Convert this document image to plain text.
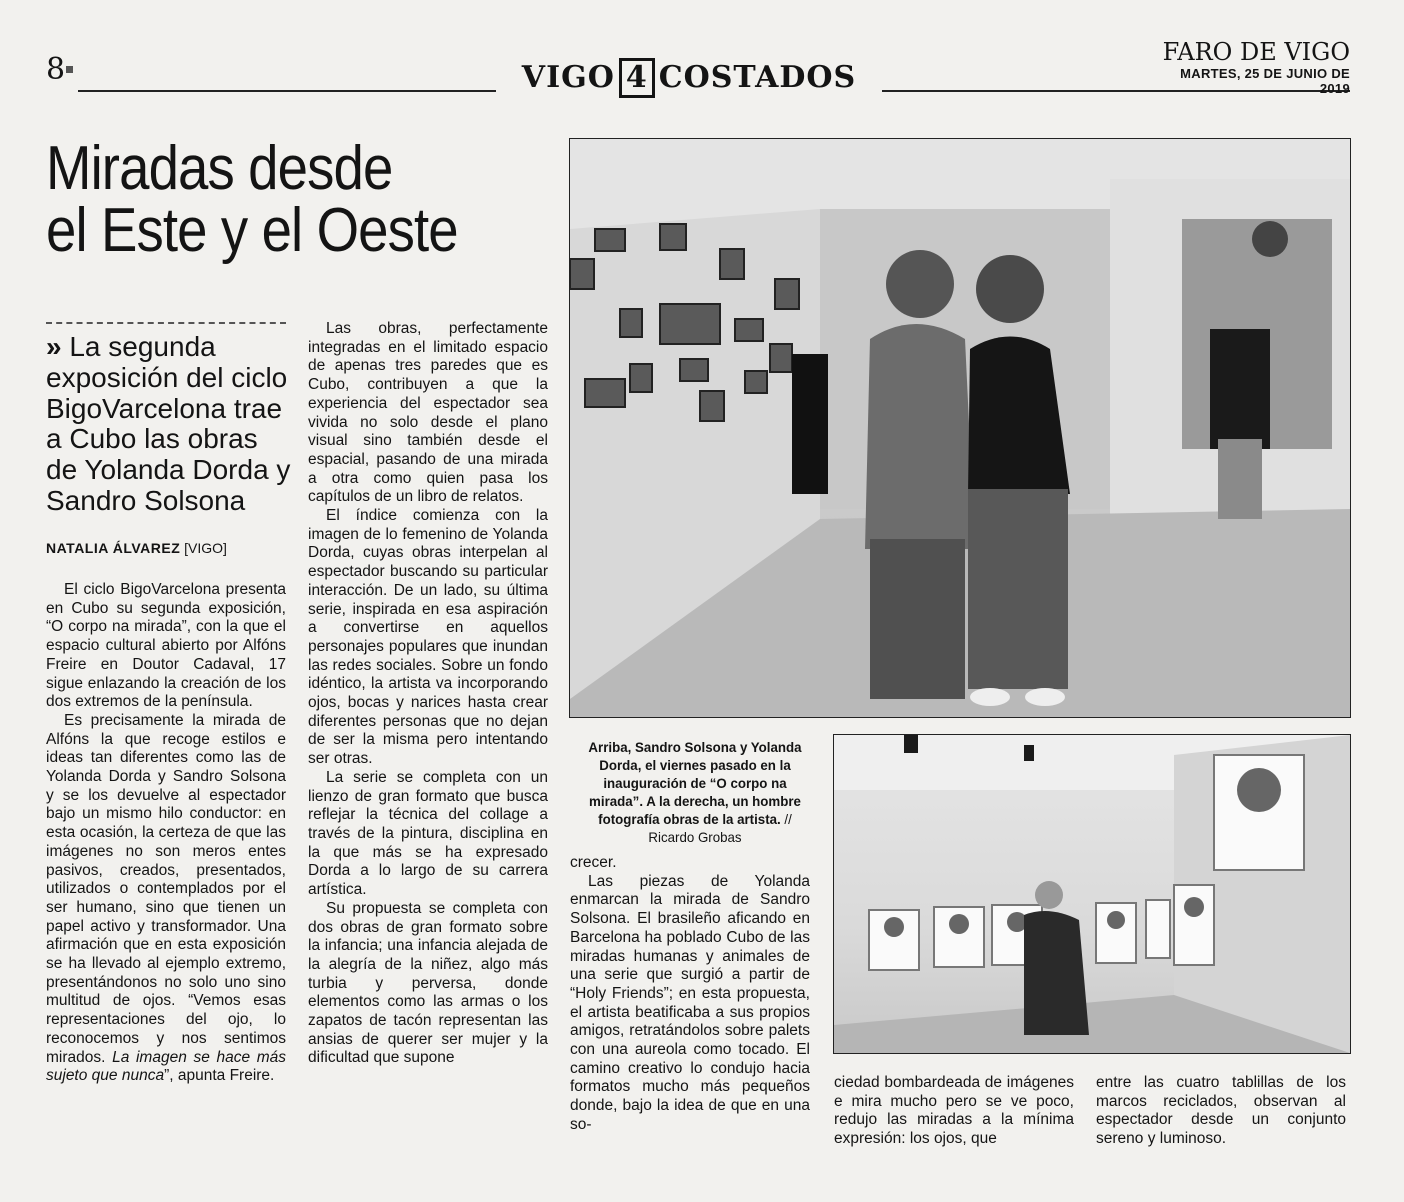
8	VIGO 4 COSTADOS
FARO DE VIGO
MARTES, 25 DE JUNIO DE 2019
Miradas desde
el Este y el Oeste
» La segunda exposición del ciclo BigoVarcelona trae a Cubo las obras de Yolanda Dorda y Sandro Solsona
NATALIA ÁLVAREZ [VIGO]

El ciclo BigoVarcelona presenta en Cubo su segunda exposición, “O corpo na mirada”, con la que el espacio cultural abierto por Alfóns Freire en Doutor Cadaval, 17 sigue enlazando la creación de los dos extremos de la península.

Es precisamente la mirada de Alfóns la que recoge estilos e ideas tan diferentes como las de Yolanda Dorda y Sandro Solsona y se los devuelve al espectador bajo un mismo hilo conductor: en esta ocasión, la certeza de que las imágenes no son meros entes pasivos, creados, presentados, utilizados o contemplados por el ser humano, sino que tienen un papel activo y transformador. Una afirmación que en esta exposición se ha llevado al ejemplo extremo, presentándonos no solo uno sino multitud de ojos. “Vemos esas representaciones del ojo, lo reconocemos y nos sentimos mirados. La imagen se hace más sujeto que nunca”, apunta Freire.

Las obras, perfectamente integradas en el limitado espacio de apenas tres paredes que es Cubo, contribuyen a que la experiencia del espectador sea vivida no solo desde el plano visual sino también desde el espacial, pasando de una mirada a otra como quien pasa los capítulos de un libro de relatos.

El índice comienza con la imagen de lo femenino de Yolanda Dorda, cuyas obras interpelan al espectador buscando su particular interacción. De un lado, su última serie, inspirada en esa aspiración a convertirse en aquellos personajes populares que inundan las redes sociales. Sobre un fondo idéntico, la artista va incorporando ojos, bocas y narices hasta crear diferentes personas que no dejan de ser la misma pero intentando ser otras.

La serie se completa con un lienzo de gran formato que busca reflejar la técnica del collage a través de la pintura, disciplina en la que más se ha expresado Dorda a lo largo de su carrera artística.

Su propuesta se completa con dos obras de gran formato sobre la infancia; una infancia alejada de la alegría de la niñez, algo más turbia y perversa, donde elementos como las armas o los zapatos de tacón representan las ansias de querer ser mujer y la dificultad que supone

Arriba, Sandro Solsona y Yolanda Dorda, el viernes pasado en la inauguración de “O corpo na mirada”. A la derecha, un hombre fotografía obras de la artista. // Ricardo Grobas

crecer.

Las piezas de Yolanda enmarcan la mirada de Sandro Solsona. El brasileño aficando en Barcelona ha poblado Cubo de las miradas humanas y animales de una serie que surgió a partir de “Holy Friends”; en esta propuesta, el artista beatificaba a sus propios amigos, retratándolos sobre palets con una aureola como tocado. El camino creativo lo condujo hacia formatos mucho más pequeños donde, bajo la idea de que en una so-

ciedad bombardeada de imágenes e mira mucho pero se ve poco, redujo las miradas a la mínima expresión: los ojos, que

entre las cuatro tablillas de los marcos reciclados, observan al espectador desde un conjunto sereno y luminoso.
